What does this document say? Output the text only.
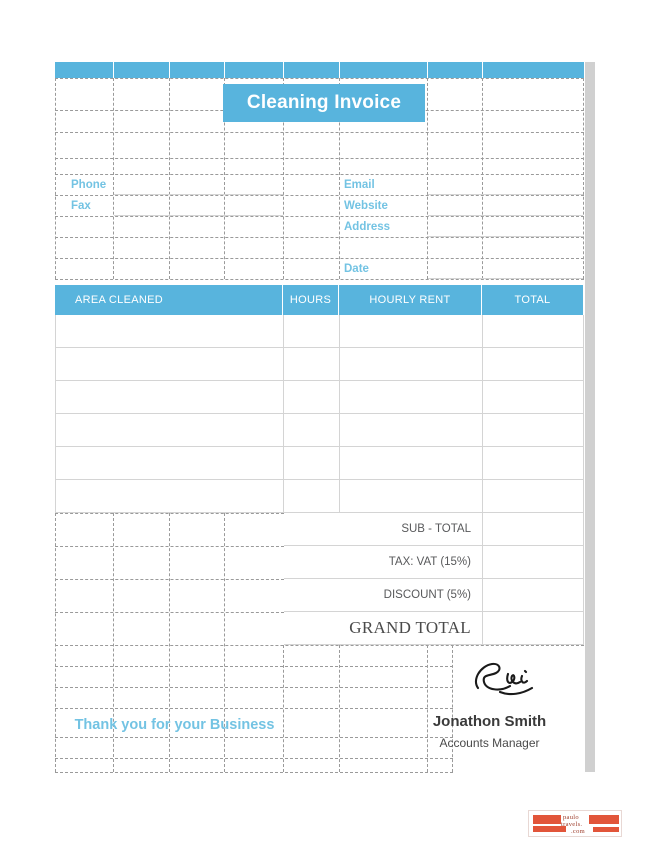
Cleaning Invoice
Phone
Fax
Email
Website
Address
Date
AREA CLEANED	HOURS	HOURLY RENT	TOTAL
SUB - TOTAL
TAX: VAT (15%)
DISCOUNT (5%)
GRAND TOTAL
Thank you for your Business	Jonathon Smith
Accounts Manager
paulo
travels.
.com
